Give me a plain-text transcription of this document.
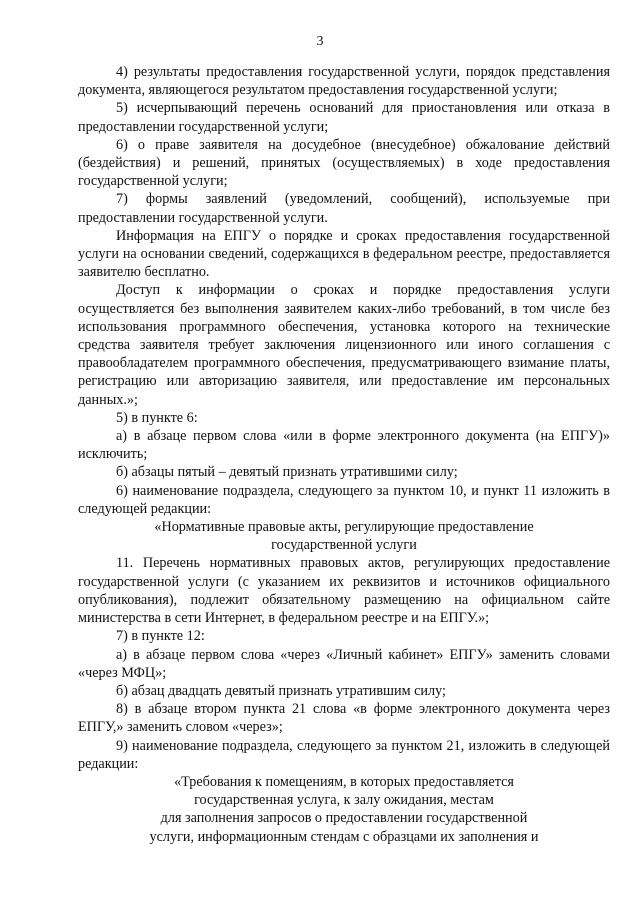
3

4) результаты предоставления государственной услуги, порядок представления документа, являющегося результатом предоставления государственной услуги;

5) исчерпывающий перечень оснований для приостановления или отказа в предоставлении государственной услуги;

6) о праве заявителя на досудебное (внесудебное) обжалование действий (бездействия) и решений, принятых (осуществляемых) в ходе предоставления государственной услуги;

7) формы заявлений (уведомлений, сообщений), используемые при предоставлении государственной услуги.

Информация на ЕПГУ о порядке и сроках предоставления государственной услуги на основании сведений, содержащихся в федеральном реестре, предоставляется заявителю бесплатно.

Доступ к информации о сроках и порядке предоставления услуги осуществляется без выполнения заявителем каких-либо требований, в том числе без использования программного обеспечения, установка которого на технические средства заявителя требует заключения лицензионного или иного соглашения с правообладателем программного обеспечения, предусматривающего взимание платы, регистрацию или авторизацию заявителя, или предоставление им персональных данных.»;

5) в пункте 6:

а) в абзаце первом слова «или в форме электронного документа (на ЕПГУ)» исключить;

б) абзацы пятый – девятый признать утратившими силу;

6) наименование подраздела, следующего за пунктом 10, и пункт 11 изложить в следующей редакции:

«Нормативные правовые акты, регулирующие предоставление
государственной услуги

11. Перечень нормативных правовых актов, регулирующих предоставление государственной услуги (с указанием их реквизитов и источников официального опубликования), подлежит обязательному размещению на официальном сайте министерства в сети Интернет, в федеральном реестре и на ЕПГУ.»;

7) в пункте 12:

а) в абзаце первом слова «через «Личный кабинет» ЕПГУ» заменить словами «через МФЦ»;

б) абзац двадцать девятый признать утратившим силу;

8) в абзаце втором пункта 21 слова «в форме электронного документа через ЕПГУ,» заменить словом «через»;

9) наименование подраздела, следующего за пунктом 21, изложить в следующей редакции:

«Требования к помещениям, в которых предоставляется
государственная услуга, к залу ожидания, местам
для заполнения запросов о предоставлении государственной
услуги, информационным стендам с образцами их заполнения и
